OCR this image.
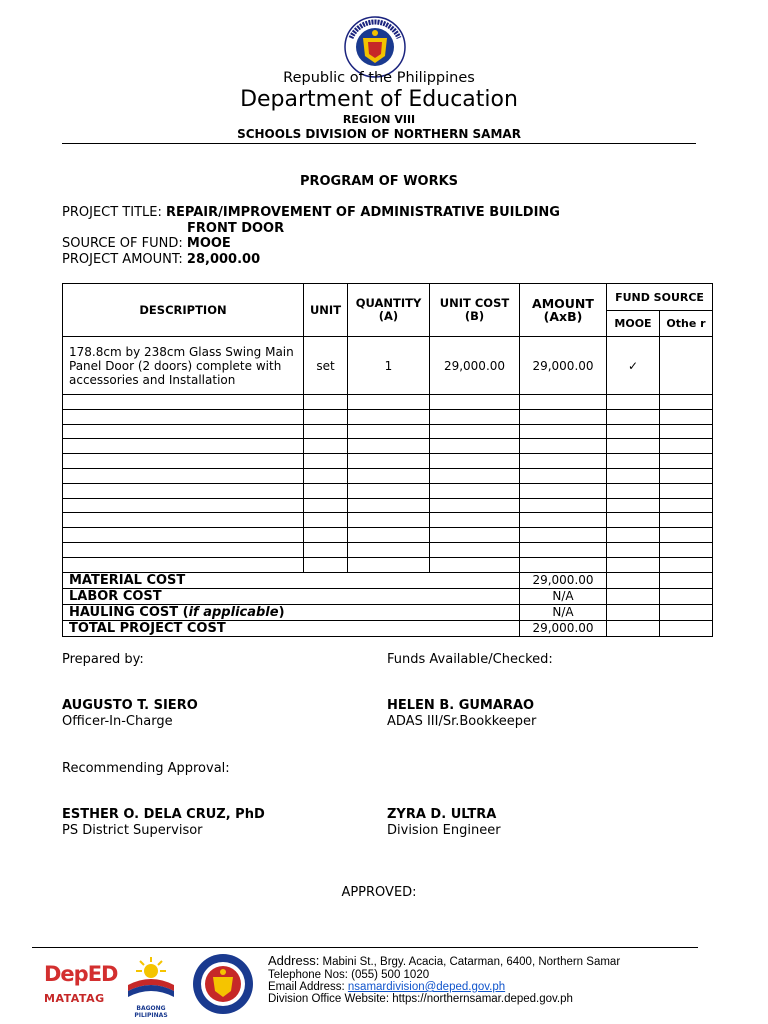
Republic of the Philippines
Department of Education
REGION VIII
SCHOOLS DIVISION OF NORTHERN SAMAR
PROGRAM OF WORKS
PROJECT TITLE: REPAIR/IMPROVEMENT OF ADMINISTRATIVE BUILDING
FRONT DOOR
SOURCE OF FUND: MOOE
PROJECT AMOUNT: 28,000.00
DESCRIPTION	UNIT	QUANTITY (A)	UNIT COST (B)	AMOUNT (AxB)	FUND SOURCE	
					MOOE	Othe r
178.8cm by 238cm Glass Swing Main Panel Door (2 doors) complete with accessories and Installation	set	1	29,000.00	29,000.00	✓	

MATERIAL COST				29,000.00		
LABOR COST				N/A		
HAULING COST (if applicable)				N/A		
TOTAL PROJECT COST				29,000.00		
Prepared by:	Funds Available/Checked:
AUGUSTO T. SIERO
Officer-In-Charge
HELEN B. GUMARAO
ADAS III/Sr.Bookkeeper
Recommending Approval:
ESTHER O. DELA CRUZ, PhD
PS District Supervisor
ZYRA D. ULTRA
Division Engineer
APPROVED:
DepED
MATATAG
BAGONG PILIPINAS
Address: Mabini St., Brgy. Acacia, Catarman, 6400, Northern Samar
Telephone Nos: (055) 500 1020
Email Address: nsamardivision@deped.gov.ph
Division Office Website: https://northernsamar.deped.gov.ph
